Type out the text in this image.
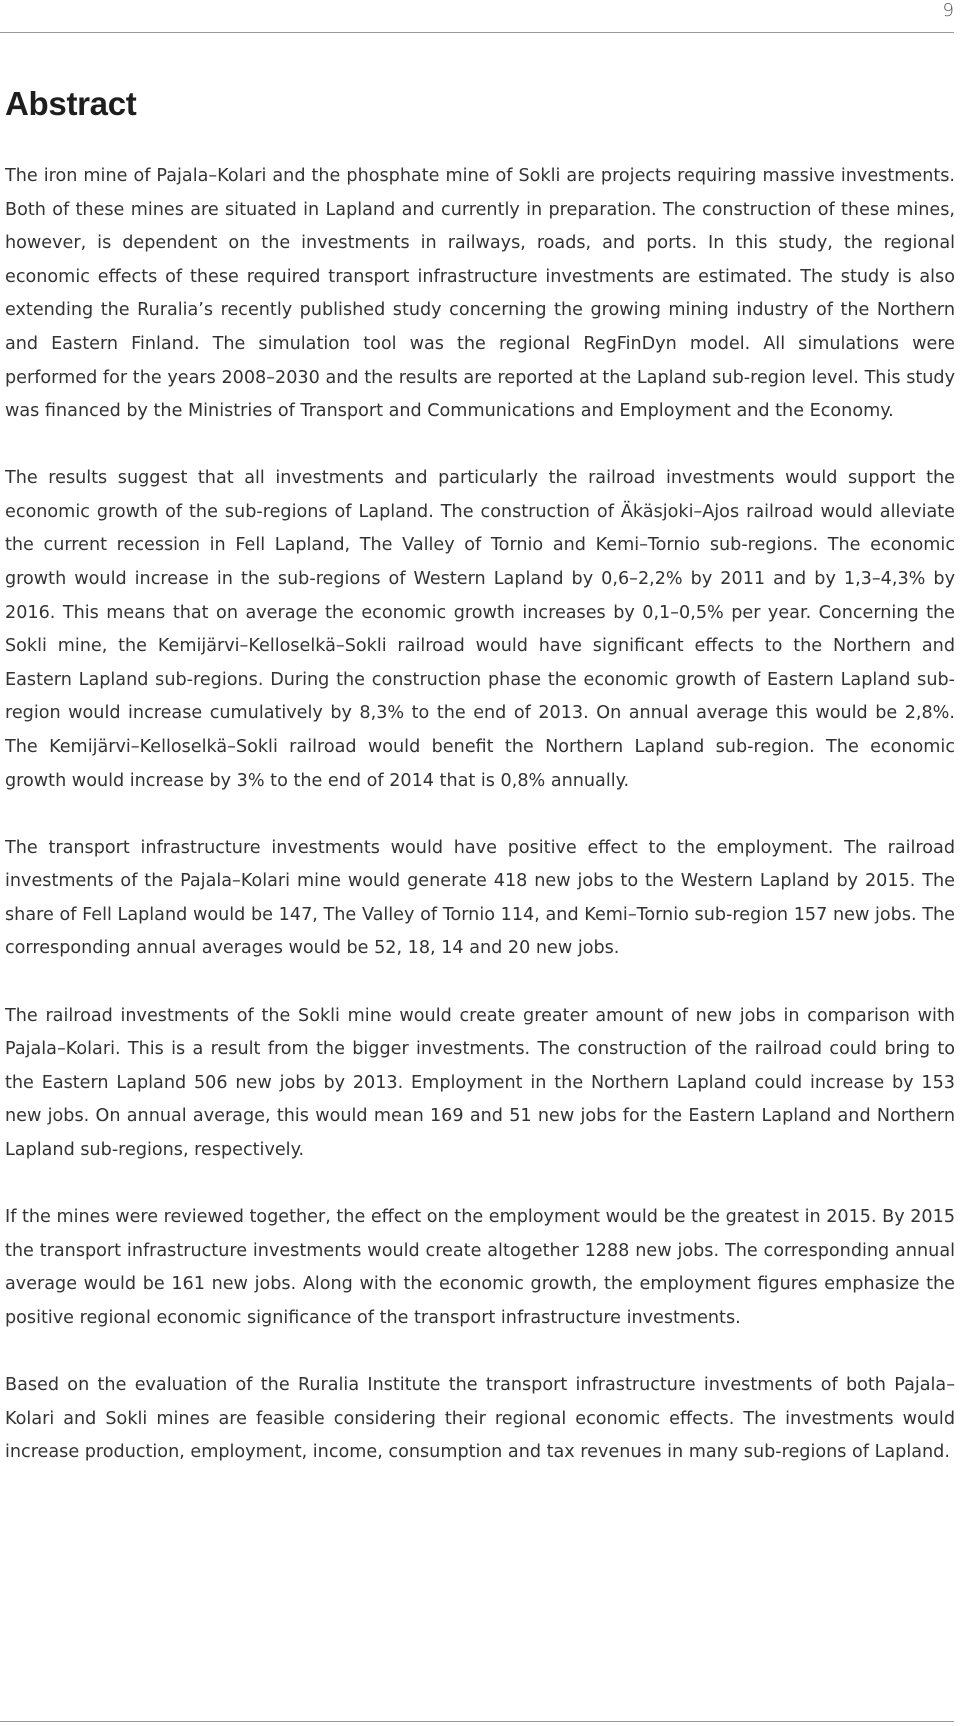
9
Abstract

The iron mine of Pajala–Kolari and the phosphate mine of Sokli are projects requiring massive investments. Both of these mines are situated in Lapland and currently in preparation. The construction of these mines, however, is dependent on the investments in railways, roads, and ports. In this study, the regional economic effects of these required transport infrastructure investments are estimated. The study is also extending the Ruralia’s recently published study concerning the growing mining industry of the Northern and Eastern Finland. The simulation tool was the regional RegFinDyn model. All simulations were performed for the years 2008–2030 and the results are reported at the Lapland sub-region level. This study was financed by the Ministries of Transport and Communications and Employment and the Economy.

The results suggest that all investments and particularly the railroad investments would support the economic growth of the sub-regions of Lapland. The construction of Äkäsjoki–Ajos railroad would alleviate the current recession in Fell Lapland, The Valley of Tornio and Kemi–Tornio sub-regions. The economic growth would increase in the sub-regions of Western Lapland by 0,6–2,2% by 2011 and by 1,3–4,3% by 2016. This means that on average the economic growth increases by 0,1–0,5% per year. Concerning the Sokli mine, the Kemijärvi–Kelloselkä–Sokli railroad would have significant effects to the Northern and Eastern Lapland sub-regions. During the construction phase the economic growth of Eastern Lapland sub-region would increase cumulatively by 8,3% to the end of 2013. On annual average this would be 2,8%. The Kemijärvi–Kelloselkä–Sokli railroad would benefit the Northern Lapland sub-region. The economic growth would increase by 3% to the end of 2014 that is 0,8% annually.

The transport infrastructure investments would have positive effect to the employment. The railroad investments of the Pajala–Kolari mine would generate 418 new jobs to the Western Lapland by 2015. The share of Fell Lapland would be 147, The Valley of Tornio 114, and Kemi–Tornio sub-region 157 new jobs. The corresponding annual averages would be 52, 18, 14 and 20 new jobs.

The railroad investments of the Sokli mine would create greater amount of new jobs in comparison with Pajala–Kolari. This is a result from the bigger investments. The construction of the railroad could bring to the Eastern Lapland 506 new jobs by 2013. Employment in the Northern Lapland could increase by 153 new jobs. On annual average, this would mean 169 and 51 new jobs for the Eastern Lapland and Northern Lapland sub-regions, respectively.

If the mines were reviewed together, the effect on the employment would be the greatest in 2015. By 2015 the transport infrastructure investments would create altogether 1288 new jobs. The corresponding annual average would be 161 new jobs. Along with the economic growth, the employment figures emphasize the positive regional economic significance of the transport infrastructure investments.

Based on the evaluation of the Ruralia Institute the transport infrastructure investments of both Pajala–Kolari and Sokli mines are feasible considering their regional economic effects. The investments would increase production, employment, income, consumption and tax revenues in many sub-regions of Lapland.
